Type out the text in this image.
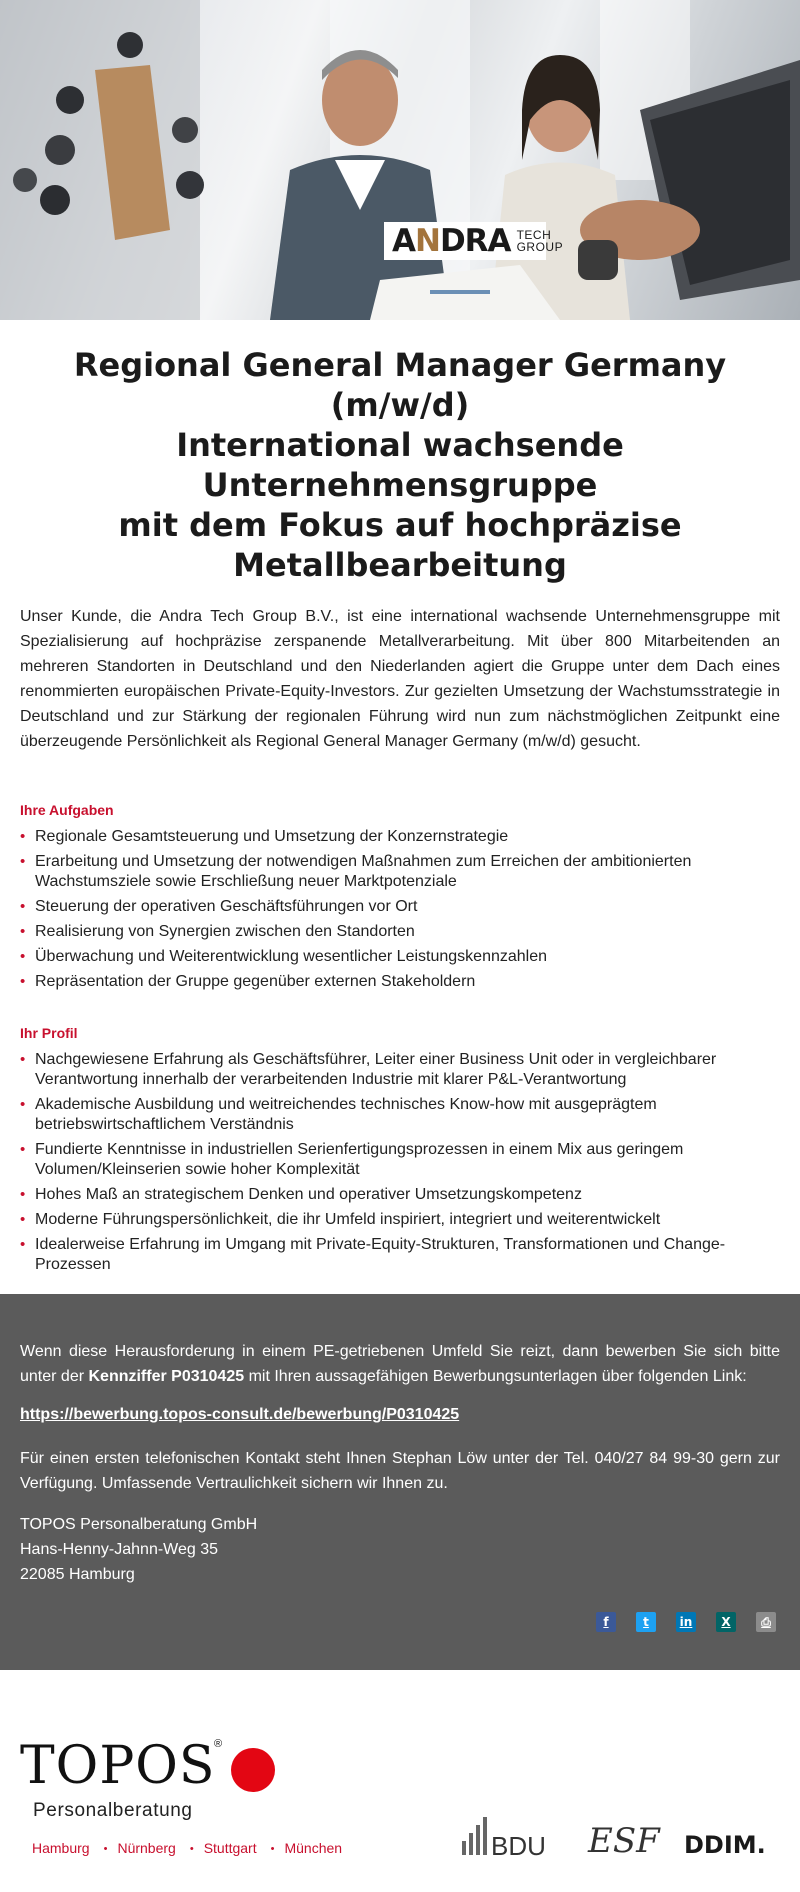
ANDRA TECH
GROUP
Regional General Manager Germany (m/w/d)
International wachsende Unternehmensgruppe
mit dem Fokus auf hochpräzise
Metallbearbeitung

Unser Kunde, die Andra Tech Group B.V., ist eine international wachsende Unternehmensgruppe mit Spezialisierung auf hochpräzise zerspanende Metallverarbeitung. Mit über 800 Mitarbeitenden an mehreren Standorten in Deutschland und den Niederlanden agiert die Gruppe unter dem Dach eines renommierten europäischen Private-Equity-Investors. Zur gezielten Umsetzung der Wachstumsstrategie in Deutschland und zur Stärkung der regionalen Führung wird nun zum nächstmöglichen Zeitpunkt eine überzeugende Persönlichkeit als Regional General Manager Germany (m/w/d) gesucht.

Ihre Aufgaben
• Regionale Gesamtsteuerung und Umsetzung der Konzernstrategie
• Erarbeitung und Umsetzung der notwendigen Maßnahmen zum Erreichen der ambitionierten Wachstumsziele sowie Erschließung neuer Marktpotenziale
• Steuerung der operativen Geschäftsführungen vor Ort
• Realisierung von Synergien zwischen den Standorten
• Überwachung und Weiterentwicklung wesentlicher Leistungskennzahlen
• Repräsentation der Gruppe gegenüber externen Stakeholdern
Ihr Profil
• Nachgewiesene Erfahrung als Geschäftsführer, Leiter einer Business Unit oder in vergleichbarer Verantwortung innerhalb der verarbeitenden Industrie mit klarer P&L-Verantwortung
• Akademische Ausbildung und weitreichendes technisches Know-how mit ausgeprägtem betriebswirtschaftlichem Verständnis
• Fundierte Kenntnisse in industriellen Serienfertigungsprozessen in einem Mix aus geringem Volumen/Kleinserien sowie hoher Komplexität
• Hohes Maß an strategischem Denken und operativer Umsetzungskompetenz
• Moderne Führungspersönlichkeit, die ihr Umfeld inspiriert, integriert und weiterentwickelt
• Idealerweise Erfahrung im Umgang mit Private-Equity-Strukturen, Transformationen und Change-Prozessen

Wenn diese Herausforderung in einem PE-getriebenen Umfeld Sie reizt, dann bewerben Sie sich bitte unter der Kennziffer P0310425 mit Ihren aussagefähigen Bewerbungsunterlagen über folgenden Link:

https://bewerbung.topos-consult.de/bewerbung/P0310425

Für einen ersten telefonischen Kontakt steht Ihnen Stephan Löw unter der Tel. 040/27 84 99-30 gern zur Verfügung. Umfassende Vertraulichkeit sichern wir Ihnen zu.

TOPOS Personalberatung GmbH
Hans-Henny-Jahnn-Weg 35
22085 Hamburg
f	t	in	X	⎙
TOPOS
®
Personalberatung
Hamburg • Nürnberg • Stuttgart • München	BDU ESF DDIM.
